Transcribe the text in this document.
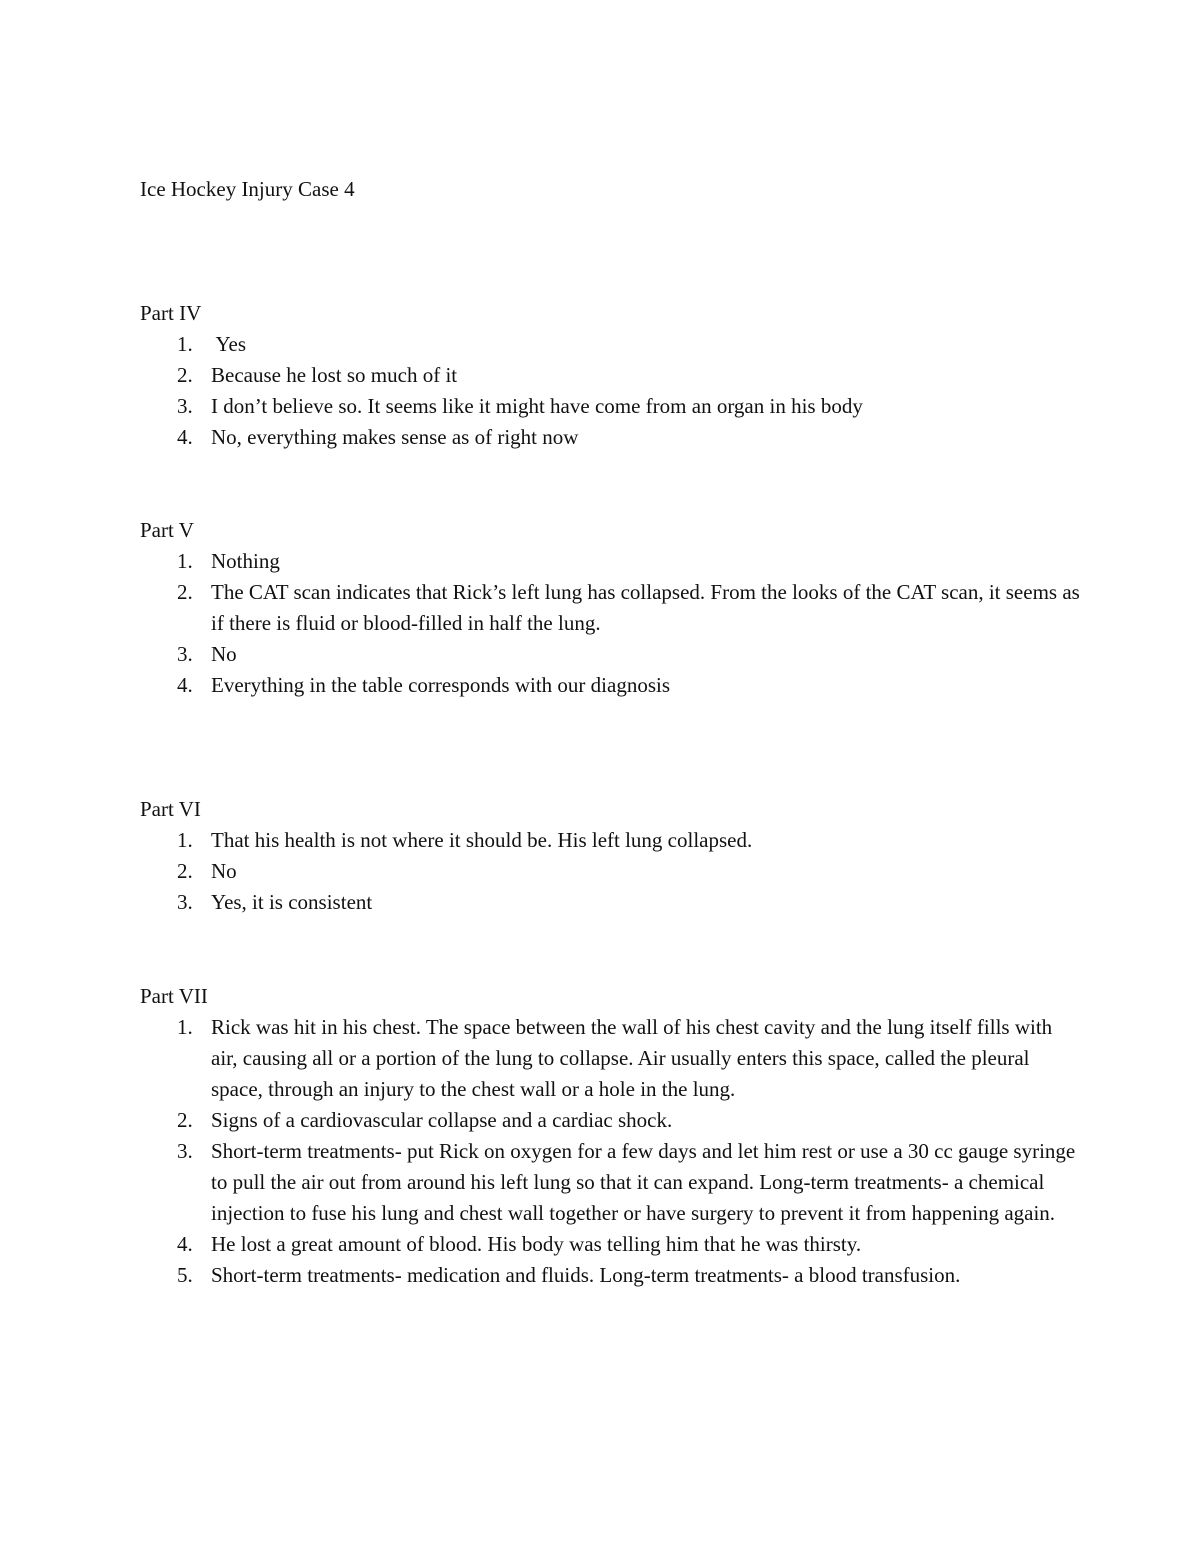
Ice Hockey Injury Case 4
Part IV
1. Yes
2. Because he lost so much of it
3. I don’t believe so. It seems like it might have come from an organ in his body
4. No, everything makes sense as of right now
Part V
1. Nothing
2. The CAT scan indicates that Rick’s left lung has collapsed. From the looks of the CAT scan, it seems as if there is fluid or blood-filled in half the lung.
3. No
4. Everything in the table corresponds with our diagnosis
Part VI
1. That his health is not where it should be. His left lung collapsed.
2. No
3. Yes, it is consistent
Part VII
1. Rick was hit in his chest. The space between the wall of his chest cavity and the lung itself fills with air, causing all or a portion of the lung to collapse. Air usually enters this space, called the pleural space, through an injury to the chest wall or a hole in the lung.
2. Signs of a cardiovascular collapse and a cardiac shock.
3. Short-term treatments- put Rick on oxygen for a few days and let him rest or use a 30 cc gauge syringe to pull the air out from around his left lung so that it can expand. Long-term treatments- a chemical injection to fuse his lung and chest wall together or have surgery to prevent it from happening again.
4. He lost a great amount of blood. His body was telling him that he was thirsty.
5. Short-term treatments- medication and fluids. Long-term treatments- a blood transfusion.
